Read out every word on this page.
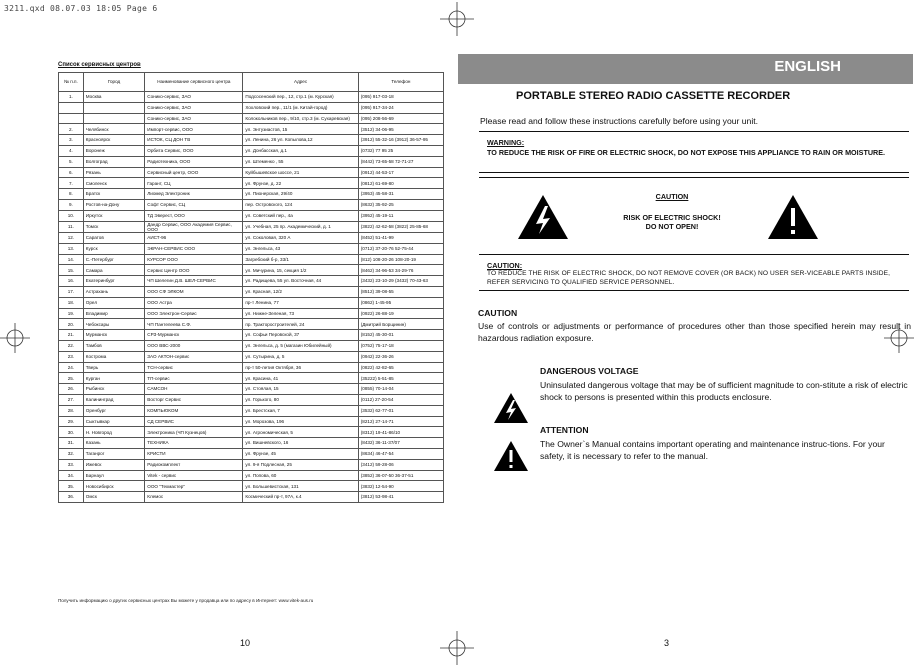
3211.qxd 08.07.03 18:05 Page 6
Список сервисных центров
№ п.п.	Город	Наименование сервисного центра	Адрес	Телефон
1.	Москва	Сонико-сервис, ЗАО	Подсосенский пер., 12, стр.1 (м. Курская)	(095) 917-03-18
		Сонико-сервис, ЗАО	Хохловский пер., 11/1 (м. Китай-город)	(095) 917-34-24
		Сонико-сервис, ЗАО	Колокольников пер., 9/10, стр.3 (м. Сухаревская)	(095) 208-56-69
2.	Челябинск	Импорт-сервис, ООО	ул. Энтузиастов, 15	(3512) 34-06-95
3.	Красноярск	ИСТОК, СЦ ДОН ТВ	ул. Ленина, 26 ул. Копылова,12	(3912) 55-32-16 (3912) 36-57-95
4.	Воронеж	Орбита Сервис, ООО	ул. Донбасская, д.1	(0732) 77 95 25
5.	Волгоград	Радиотехника, ООО	ул. Штеменко , 55	(8442) 73-65-58 72-71-27
6.	Рязань	Сервисный центр, ООО	Куйбышевское шоссе, 21	(0912) 44-53-17
7.	Смоленск	Гарант, СЦ	ул. Фрунзе, д. 22	(0812) 61-69-80
8.	Братск	Лиомед Электроник	ул. Пионерская, 29/40	(3953) 45-58-31
9.	Ростов-на-Дону	Софт Сервис, СЦ	пер. Островского, 124	(8632) 35-92-25
10.	Иркутск	ТД Эверест, ООО	ул. Советский пер., 4а	(3952) 45-19-11
11.	Томск	Дандр Сервис, ООО Академия Сервис, ООО	ул. Учебная, 25 пр. Академический, д. 1	(3822) 42-62-58 (3822) 25-85-68
12.	Саратов	АИСТ-96	ул. Соколовая, 320 А	(8452) 51-41-99
13.	Курск	ЭКРАН-СЕРВИС ООО	ул. Энгельса, 43	(0712) 37-20-76 52-75-44
14.	С.-Петербург	КУРСОР ООО	Загребский б-р, 33/1	(812) 108-20-26 108-20-19
15.	Самара	Сервис Центр ООО	ул. Мичурина, 15, секция 1/2	(8462) 34-96-53 34-29-76
16.	Екатеринбург	ЧП Шелегин Д.В. ШЕЛ-СЕРВИС	ул. Радищева, 55 ул. Восточная, 44	(3432) 23-10-29 (3432) 70-43-63
17.	Астрахань	ООО СФ ЭЛКОМ	ул. Красная, 12/2	(8512) 39-08-55
18.	Орел	ООО Астра	пр-т Ленина, 77	(0862) 1-45-95
19.	Владимир	ООО Электрон-Сервис	ул. Нижне-Зеленая, 73	(0922) 26-88-19
20.	Чебоксары	ЧП Пантелеева С.Ф.	пр. Тракторостроителей, 24	(Дмитрий Борщинин)
21.	Мурманск	СРЗ-Мурманск	ул. Софьи Перовской, 37	(8152) 45-30-01
22.	Тамбов	ООО ВВС-2000	ул. Энгельса, д. 5 (магазин Юбилейный)	(0752) 75-17-18
23.	Кострома	ЗАО АКТОН-сервис	ул. Сутырина, д. 5	(0942) 22-36-26
24.	Тверь	ТСН-сервис	пр-т 50-летия Октября, 36	(0822) 42-82-65
25.	Курган	ТП-сервис	ул. Красина, 41	(35222) 5-51-85
26.	Рыбинск	САМСОН	ул. Стоялая, 15	(0855) 70-14-04
27.	Калининград	Восторг Сервис	ул. Горького, 80	(0112) 27-20-54
28.	Оренбург	КОМПЬЮКОМ	ул. Брестская, 7	(3532) 62-77-01
29.	Сыктывкар	СД СЕРВИС	ул. Морозова, 196	(8212) 27-14-71
30.	Н. Новгород	Электроника (ЧП Кузнецов)	ул. Агрономическая, 5	(8312) 19-41-86/10
31.	Казань	ТЕХНИКА	ул. Вишневского, 16	(8432) 36-11-37/07
32.	Таганрог	КРИСТИ	ул. Фрунзе, 45	(8634) 46-47-54
33.	Ижевск	Радиокомплект	ул. 9-я Подлесная, 25	(3412) 59-28-06
34.	Барнаул	Vitek - сервис	ул. Попова, 60	(3852) 36-07-50 36-37-51
35.	Новосибирск	ООО "Техмастер"	ул. Большевистская, 131	(3832) 12-54-90
36.	Омск	Клемос	Космический пр-т, 97А, к.4	(3812) 53-98-41
Получить информацию о других сервисных центрах Вы можете у продавца или по адресу в Интернет: www.vitek-aus.ru
10
ENGLISH
PORTABLE STEREO RADIO CASSETTE RECORDER
Please read and follow these instructions carefully before using your unit.
WARNING:
TO REDUCE THE RISK OF FIRE OR ELECTRIC SHOCK, DO NOT EXPOSE THIS APPLIANCE TO RAIN OR MOISTURE.
CAUTION
RISK OF ELECTRIC SHOCK!
DO NOT OPEN!
CAUTION:
TO REDUCE THE RISK OF ELECTRIC SHOCK, DO NOT REMOVE COVER (OR BACK) NO USER SER-VICEABLE PARTS INSIDE, REFER SERVICING TO QUALIFIED SERVICE PERSONNEL.
CAUTION
Use of controls or adjustments or performance of procedures other than those specified herein may result in hazardous radiation exposure.
DANGEROUS VOLTAGE
Uninsulated dangerous voltage that may be of sufficient magnitude to con-stitute a risk of electric shock to persons is presented within this products enclosure.
ATTENTION
The Owner`s Manual contains important operating and maintenance instruc-tions. For your safety, it is necessary to refer to the manual.
3
